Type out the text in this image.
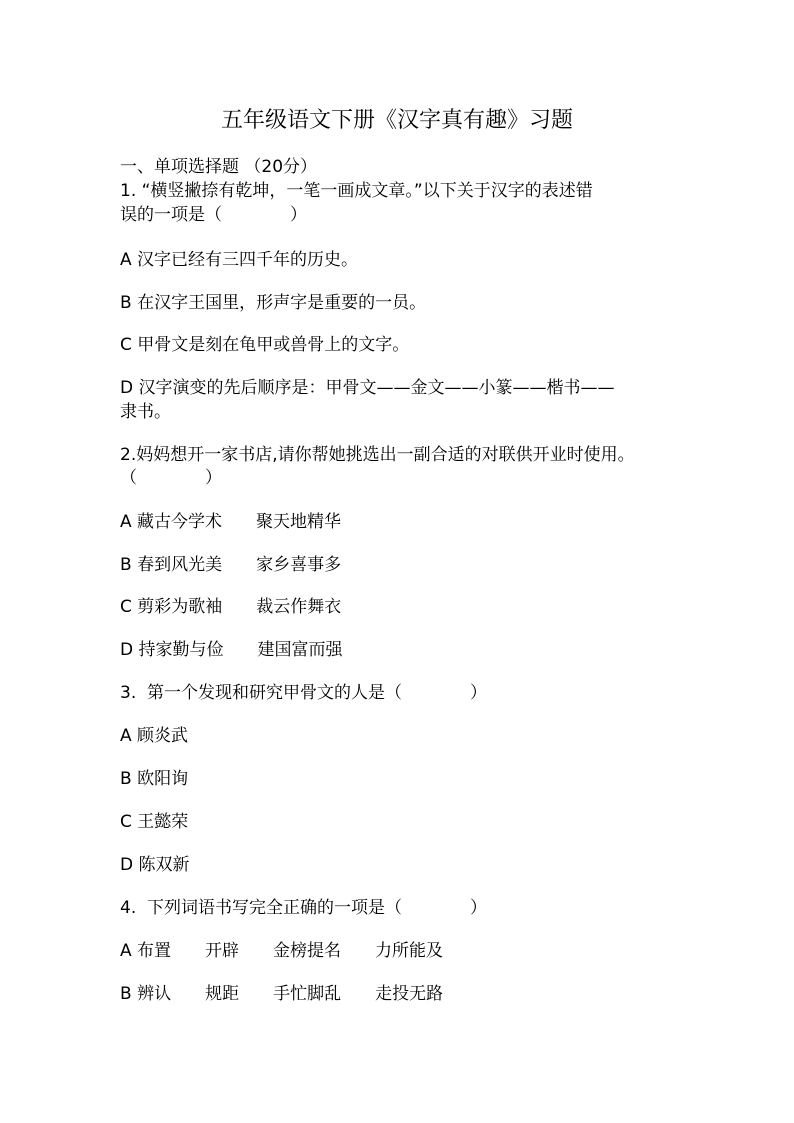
五年级语文下册《汉字真有趣》习题
一、单项选择题 （20分）
1. “横竖撇捺有乾坤，一笔一画成文章。”以下关于汉字的表述错
误的一项是（　　　　）
A 汉字已经有三四千年的历史。
B 在汉字王国里，形声字是重要的一员。
C 甲骨文是刻在龟甲或兽骨上的文字。
D 汉字演变的先后顺序是：甲骨文——金文——小篆——楷书——
隶书。
2.妈妈想开一家书店,请你帮她挑选出一副合适的对联供开业时使用。
（　　　　）
A 藏古今学术　　聚天地精华
B 春到风光美　　家乡喜事多
C 剪彩为歌袖　　裁云作舞衣
D 持家勤与俭　　建国富而强
3.  第一个发现和研究甲骨文的人是（　　　　）
A 顾炎武
B 欧阳询
C 王懿荣
D 陈双新
4.  下列词语书写完全正确的一项是（　　　　）
A 布置　　开辟　　金榜提名　　力所能及
B 辨认　　规距　　手忙脚乱　　走投无路
